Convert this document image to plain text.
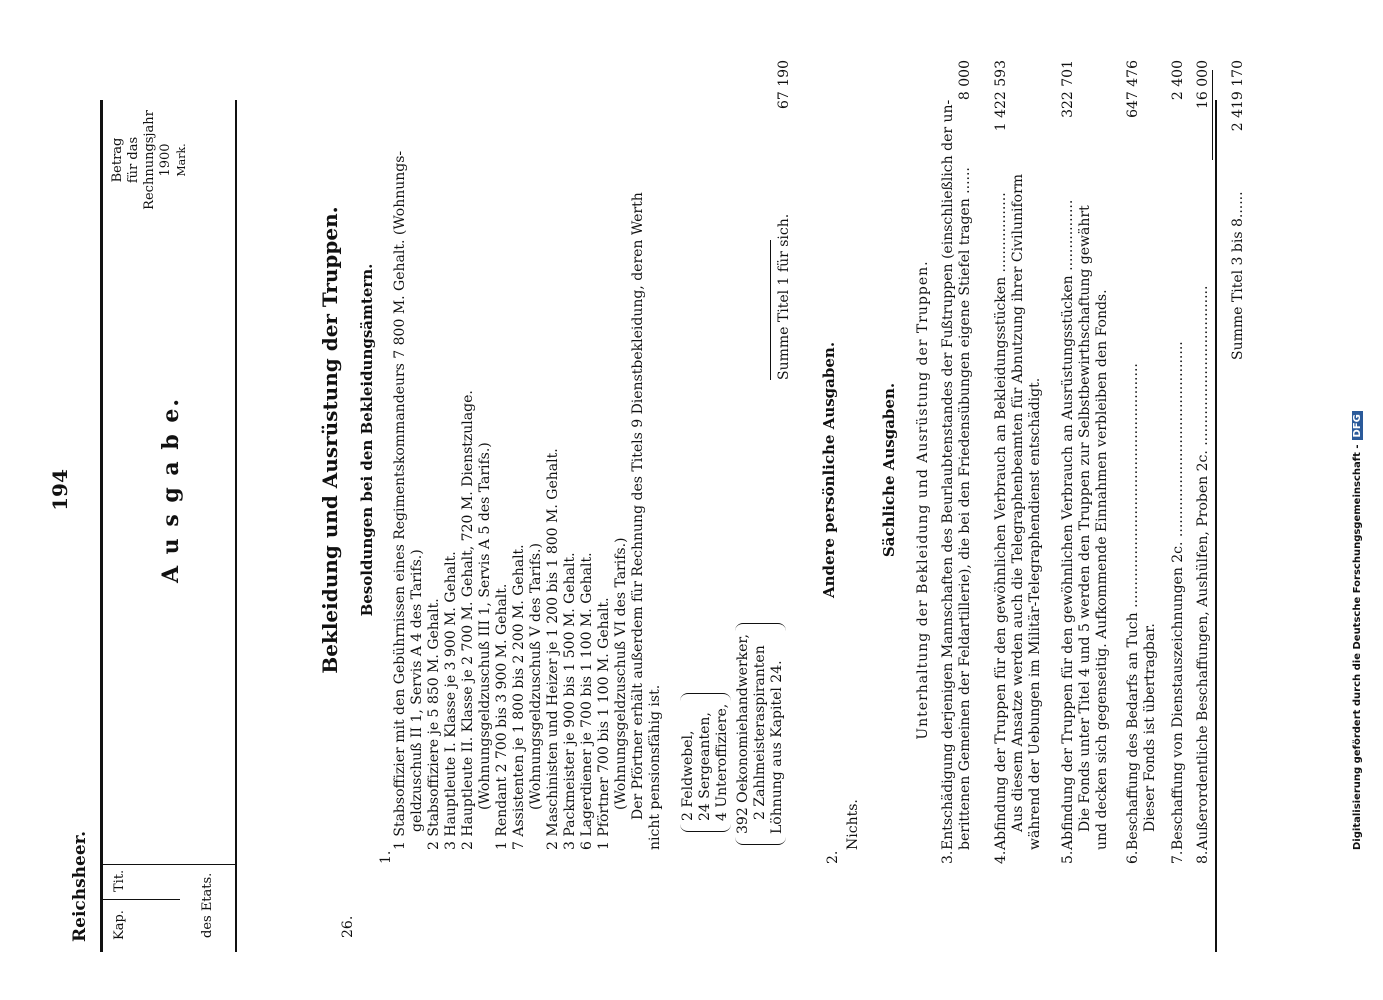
Reichsheer.
194	A u s g a b e.
Kap.
Tit.	des Etats.
Betrag für das Rechnungsjahr 1900 Mark.
26.
Bekleidung und Ausrüstung der Truppen. Besoldungen bei den Bekleidungsämtern.
1.
1 Stabsoffizier mit den Gebührnissen eines Regimentskommandeurs 7 800 M. Gehalt. (Wohnungs- geldzuschuß II 1, Servis A 4 des Tarifs.) 2 Stabsoffiziere je 5 850 M. Gehalt. 3 Hauptleute I. Klasse je 3 900 M. Gehalt. 2 Hauptleute II. Klasse je 2 700 M. Gehalt, 720 M. Dienstzulage. (Wohnungsgeldzuschuß III 1, Servis A 5 des Tarifs.) 1 Rendant 2 700 bis 3 900 M. Gehalt. 7 Assistenten je 1 800 bis 2 200 M. Gehalt. (Wohnungsgeldzuschuß V des Tarifs.) 2 Maschinisten und Heizer je 1 200 bis 1 800 M. Gehalt. 3 Packmeister je 900 bis 1 500 M. Gehalt. 6 Lagerdiener je 700 bis 1 100 M. Gehalt. 1 Pförtner 700 bis 1 100 M. Gehalt. (Wohnungsgeldzuschuß VI des Tarifs.) Der Pförtner erhält außerdem für Rechnung des Titels 9 Dienstbekleidung, deren Werth nicht pensionsfähig ist. 2 Feldwebel, 24 Sergeanten, 4 Unteroffiziere, 392 Oekonomiehandwerker, 2 Zahlmeisteraspiranten Löhnung aus Kapitel 24.
Summe Titel 1 für sich.
67 190
2.
Andere persönliche Ausgaben.
Nichts.
Sächliche Ausgaben. Unterhaltung der Bekleidung und Ausrüstung der Truppen.
3.
Entschädigung derjenigen Mannschaften des Beurlaubtenstandes der Fußtruppen (einschließlich der un- berittenen Gemeinen der Feldartillerie), die bei den Friedensübungen eigene Stiefel tragen ......
8 000
4.
Abfindung der Truppen für den gewöhnlichen Verbrauch an Bekleidungsstücken .................. Aus diesem Ansatze werden auch die Telegraphenbeamten für Abnutzung ihrer Civiluniform während der Uebungen im Militär-Telegraphendienst entschädigt.
1 422 593
5.
Abfindung der Truppen für den gewöhnlichen Verbrauch an Ausrüstungsstücken ................ Die Fonds unter Titel 4 und 5 werden den Truppen zur Selbstbewirthschaftung gewährt und decken sich gegenseitig. Aufkommende Einnahmen verbleiben den Fonds.
322 701
6.
Beschaffung des Bedarfs an Tuch ....................................................... Dieser Fonds ist übertragbar.
647 476
7.
Beschaffung von Dienstauszeichnungen 2c. ............................................
2 400
8.
Außerordentliche Beschaffungen, Aushülfen, Proben 2c. ....................................
16 000
Summe Titel 3 bis 8......
2 419 170
Digitalisierung gefördert durch die Deutsche Forschungsgemeinschaft -DFG
